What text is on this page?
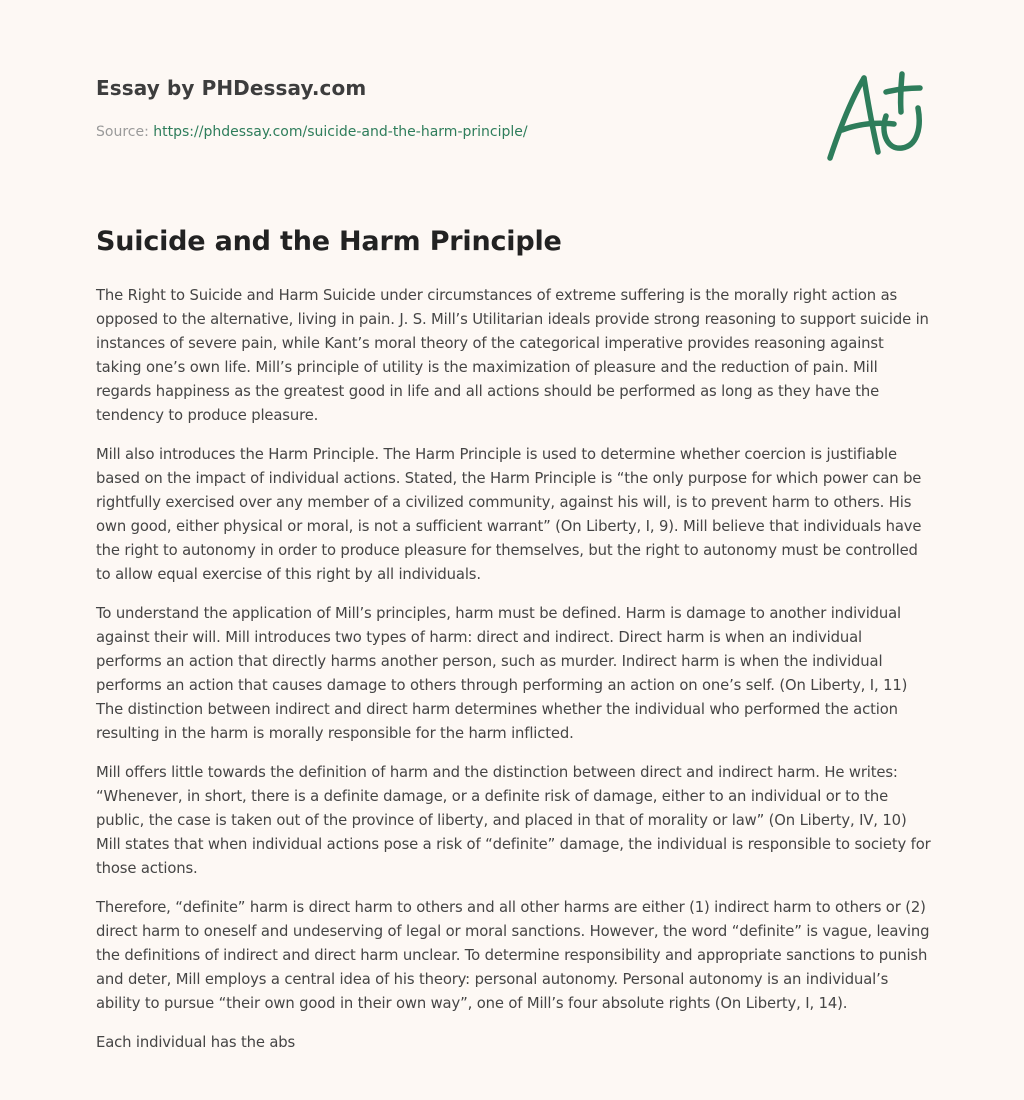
Essay by PHDessay.com
Source: https://phdessay.com/suicide-and-the-harm-principle/
Suicide and the Harm Principle

The Right to Suicide and Harm Suicide under circumstances of extreme suffering is the morally right action as opposed to the alternative, living in pain. J. S. Mill’s Utilitarian ideals provide strong reasoning to support suicide in instances of severe pain, while Kant’s moral theory of the categorical imperative provides reasoning against taking one’s own life. Mill’s principle of utility is the maximization of pleasure and the reduction of pain. Mill regards happiness as the greatest good in life and all actions should be performed as long as they have the tendency to produce pleasure.

Mill also introduces the Harm Principle. The Harm Principle is used to determine whether coercion is justifiable based on the impact of individual actions. Stated, the Harm Principle is “the only purpose for which power can be rightfully exercised over any member of a civilized community, against his will, is to prevent harm to others. His own good, either physical or moral, is not a sufficient warrant” (On Liberty, I, 9). Mill believe that individuals have the right to autonomy in order to produce pleasure for themselves, but the right to autonomy must be controlled to allow equal exercise of this right by all individuals.

To understand the application of Mill’s principles, harm must be defined. Harm is damage to another individual against their will. Mill introduces two types of harm: direct and indirect. Direct harm is when an individual performs an action that directly harms another person, such as murder. Indirect harm is when the individual performs an action that causes damage to others through performing an action on one’s self. (On Liberty, I, 11) The distinction between indirect and direct harm determines whether the individual who performed the action resulting in the harm is morally responsible for the harm inflicted.

Mill offers little towards the definition of harm and the distinction between direct and indirect harm. He writes: “Whenever, in short, there is a definite damage, or a definite risk of damage, either to an individual or to the public, the case is taken out of the province of liberty, and placed in that of morality or law” (On Liberty, IV, 10) Mill states that when individual actions pose a risk of “definite” damage, the individual is responsible to society for those actions.

Therefore, “definite” harm is direct harm to others and all other harms are either (1) indirect harm to others or (2) direct harm to oneself and undeserving of legal or moral sanctions. However, the word “definite” is vague, leaving the definitions of indirect and direct harm unclear. To determine responsibility and appropriate sanctions to punish and deter, Mill employs a central idea of his theory: personal autonomy. Personal autonomy is an individual’s ability to pursue “their own good in their own way”, one of Mill’s four absolute rights (On Liberty, I, 14).

Each individual has the abs
